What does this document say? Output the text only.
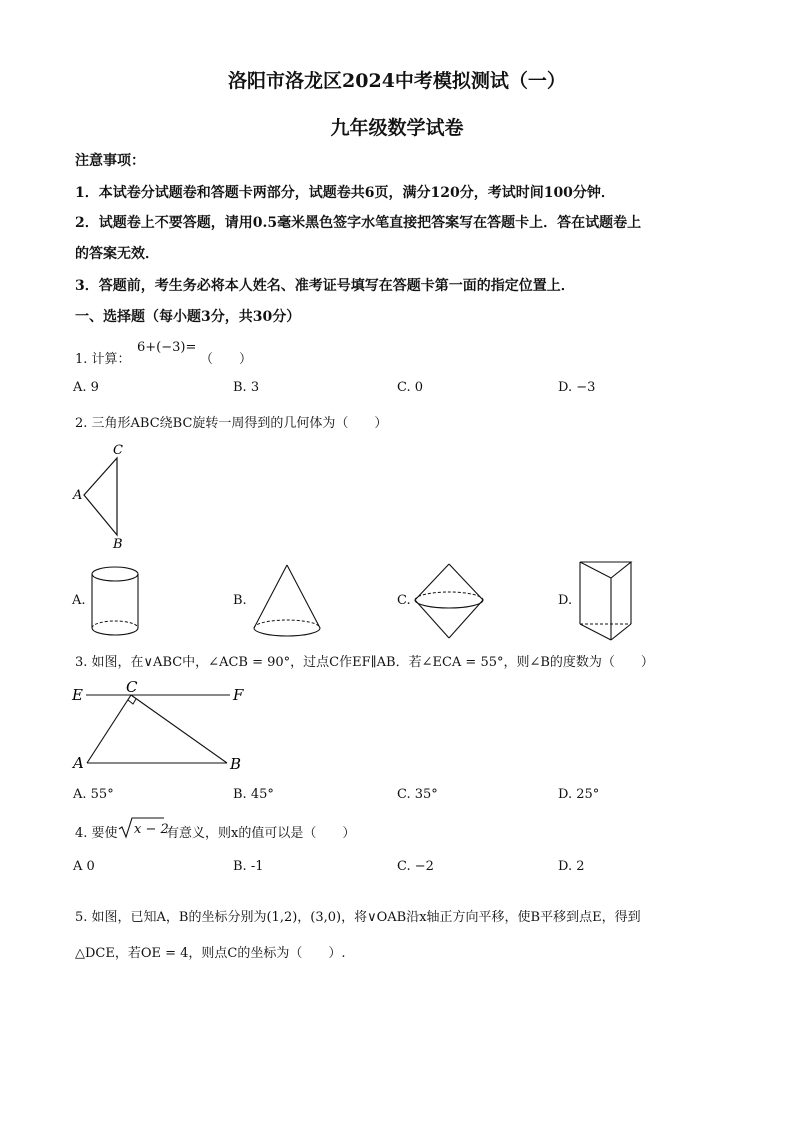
洛阳市洛龙区2024中考模拟测试（一）
九年级数学试卷
注意事项：
1．本试卷分试题卷和答题卡两部分，试题卷共6页，满分120分，考试时间100分钟．
2．试题卷上不要答题，请用0.5毫米黑色签字水笔直接把答案写在答题卡上．答在试题卷上
的答案无效．
3．答题前，考生务必将本人姓名、准考证号填写在答题卡第一面的指定位置上．
一、选择题（每小题3分，共30分）
1. 计算：
6+(−3)=
（　　）
A. 9	B. 3	C. 0	D. −3
2. 三角形ABC绕BC旋转一周得到的几何体为（　　）
C
A
B
A.	B.	C.	D.
3. 如图，在∨ABC中，∠ACB = 90°，过点C作EF∥AB．若∠ECA = 55°，则∠B的度数为（　　）
E	C	F
A	B
A. 55°	B. 45°	C. 35°	D. 25°
4. 要使 x − 2
有意义，则x的值可以是（　　）
A 0	B. -1	C. −2	D. 2
5. 如图，已知A，B的坐标分别为(1,2)，(3,0)，将∨OAB沿x轴正方向平移，使B平移到点E，得到
△DCE，若OE = 4，则点C的坐标为（　　）.
